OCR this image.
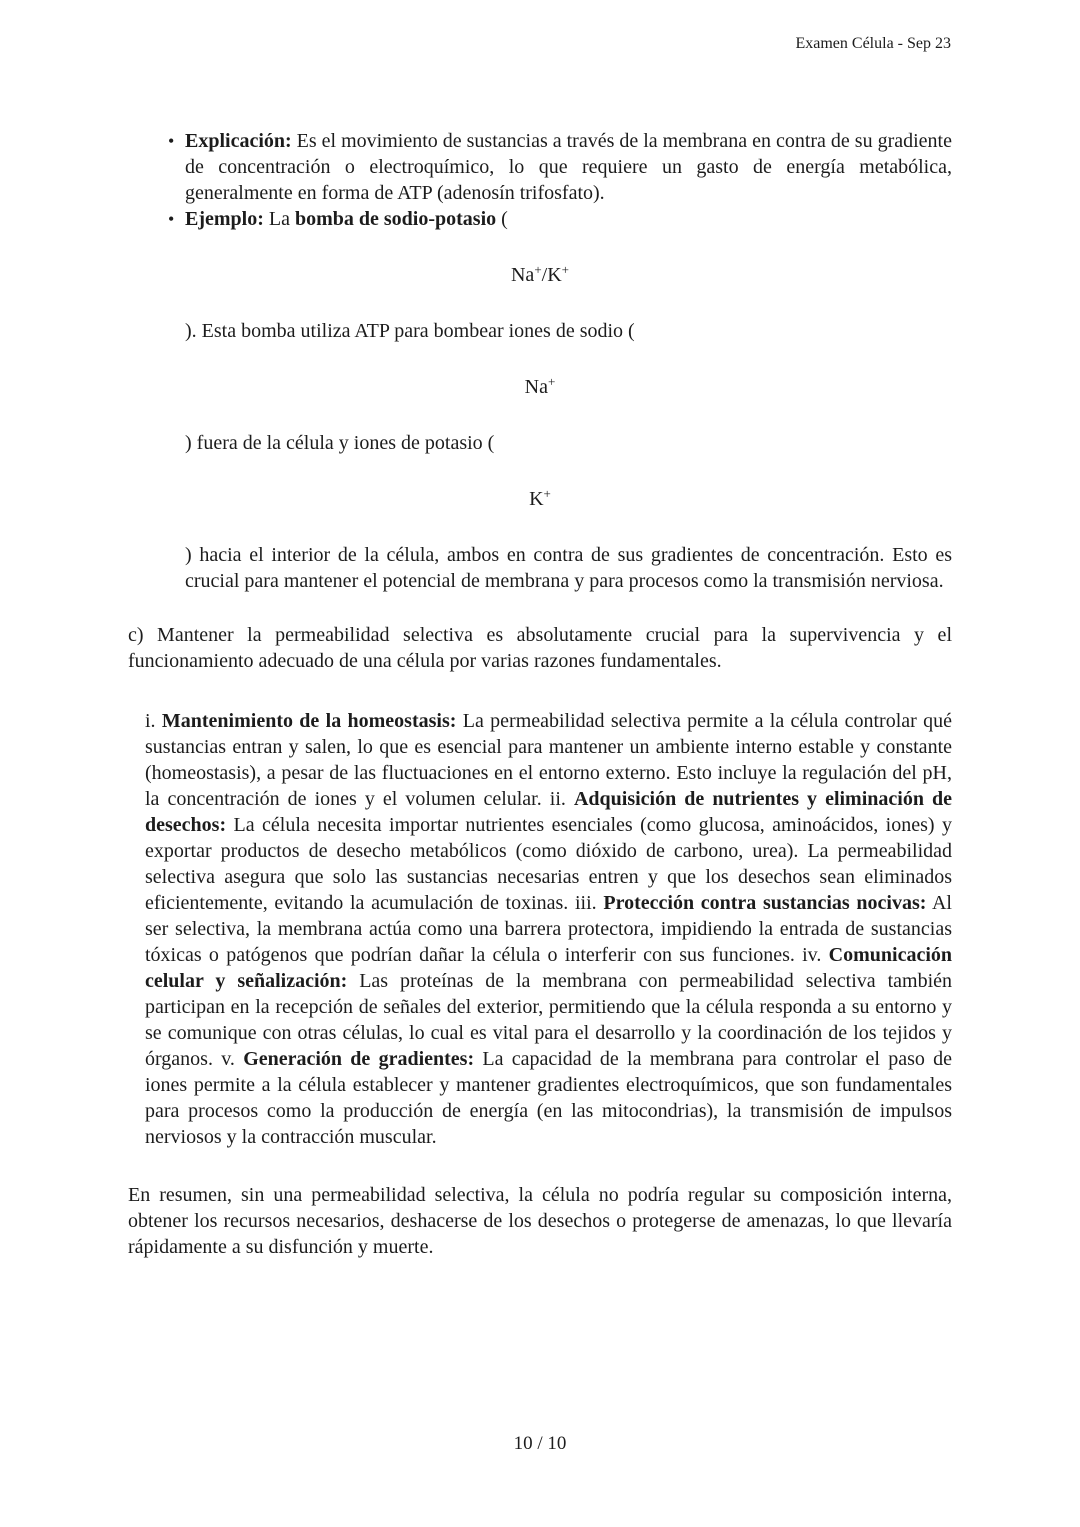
Examen Célula - Sep 23
• Explicación: Es el movimiento de sustancias a través de la membrana en contra de su gradiente de concentración o electroquímico, lo que requiere un gasto de energía metabólica, generalmente en forma de ATP (adenosín trifosfato).
• Ejemplo: La bomba de sodio-potasio (
Na+/K+

). Esta bomba utiliza ATP para bombear iones de sodio (

Na+

) fuera de la célula y iones de potasio (

K+

) hacia el interior de la célula, ambos en contra de sus gradientes de concentración. Esto es crucial para mantener el potencial de membrana y para procesos como la transmisión nerviosa.

c) Mantener la permeabilidad selectiva es absolutamente crucial para la supervivencia y el funcionamiento adecuado de una célula por varias razones fundamentales.

i. Mantenimiento de la homeostasis: La permeabilidad selectiva permite a la célula controlar qué sustancias entran y salen, lo que es esencial para mantener un ambiente interno estable y constante (homeostasis), a pesar de las fluctuaciones en el entorno externo. Esto incluye la regulación del pH, la concentración de iones y el volumen celular. ii. Adquisición de nutrientes y eliminación de desechos: La célula necesita importar nutrientes esenciales (como glucosa, aminoácidos, iones) y exportar productos de desecho metabólicos (como dióxido de carbono, urea). La permeabilidad selectiva asegura que solo las sustancias necesarias entren y que los desechos sean eliminados eficientemente, evitando la acumulación de toxinas. iii. Protección contra sustancias nocivas: Al ser selectiva, la membrana actúa como una barrera protectora, impidiendo la entrada de sustancias tóxicas o patógenos que podrían dañar la célula o interferir con sus funciones. iv. Comunicación celular y señalización: Las proteínas de la membrana con permeabilidad selectiva también participan en la recepción de señales del exterior, permitiendo que la célula responda a su entorno y se comunique con otras células, lo cual es vital para el desarrollo y la coordinación de los tejidos y órganos. v. Generación de gradientes: La capacidad de la membrana para controlar el paso de iones permite a la célula establecer y mantener gradientes electroquímicos, que son fundamentales para procesos como la producción de energía (en las mitocondrias), la transmisión de impulsos nerviosos y la contracción muscular.

En resumen, sin una permeabilidad selectiva, la célula no podría regular su composición interna, obtener los recursos necesarios, deshacerse de los desechos o protegerse de amenazas, lo que llevaría rápidamente a su disfunción y muerte.

10 / 10
